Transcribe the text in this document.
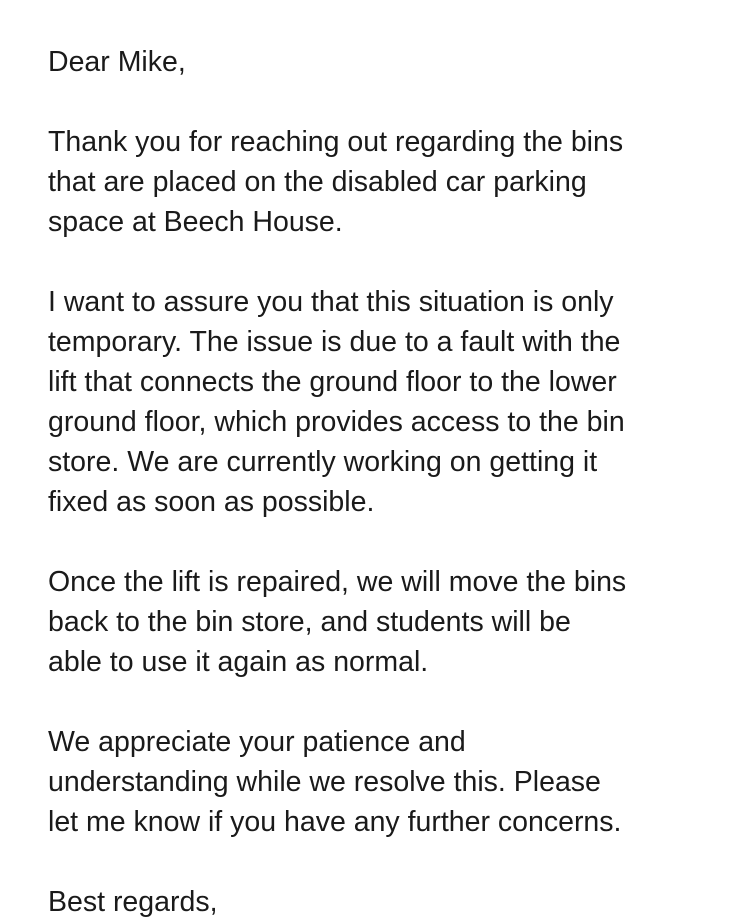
Dear Mike,
Thank you for reaching out regarding the bins
that are placed on the disabled car parking
space at Beech House.
I want to assure you that this situation is only
temporary. The issue is due to a fault with the
lift that connects the ground floor to the lower
ground floor, which provides access to the bin
store. We are currently working on getting it
fixed as soon as possible.
Once the lift is repaired, we will move the bins
back to the bin store, and students will be
able to use it again as normal.
We appreciate your patience and
understanding while we resolve this. Please
let me know if you have any further concerns.
Best regards,
